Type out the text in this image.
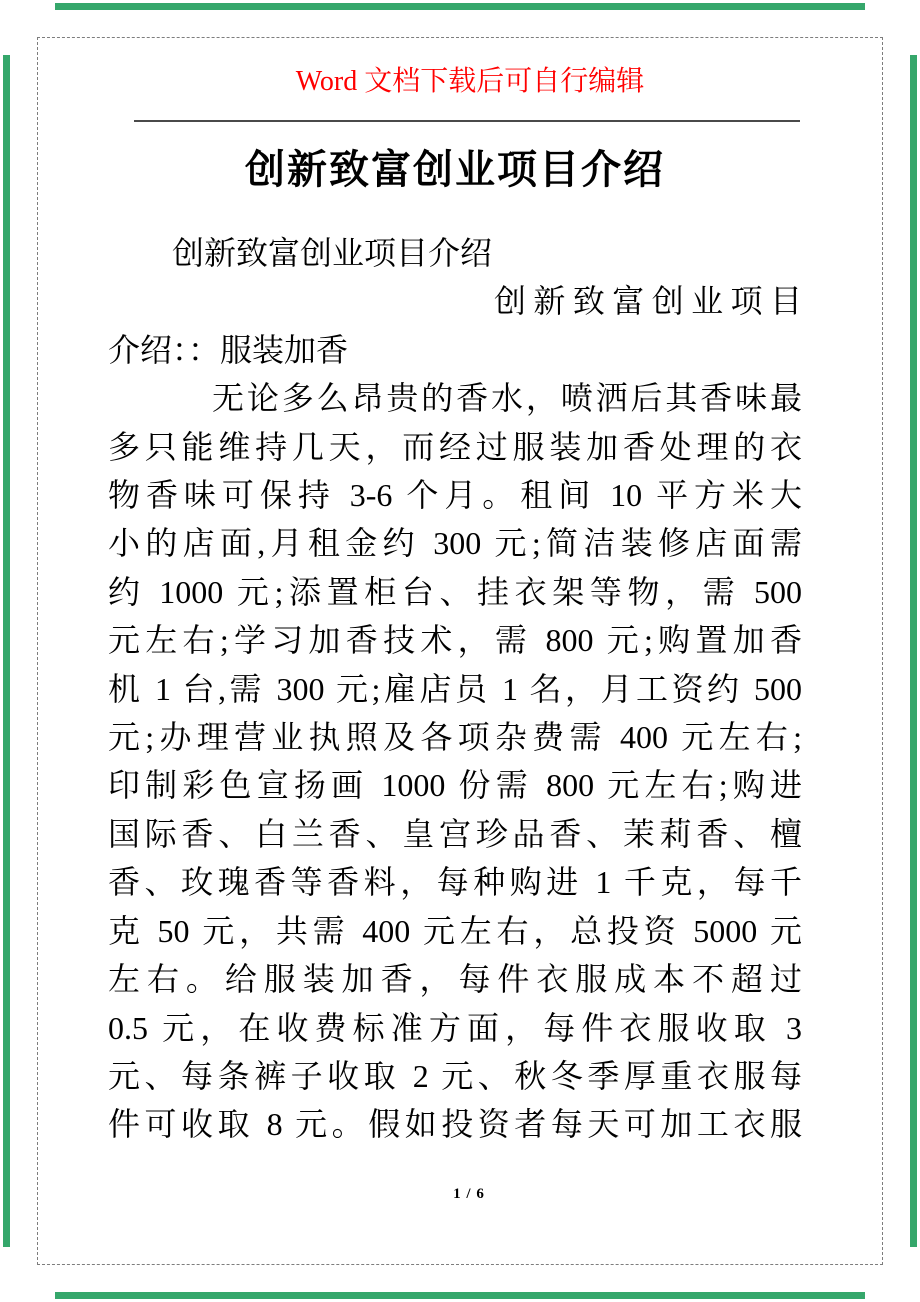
Word 文档下载后可自行编辑
创新致富创业项目介绍
创新致富创业项目介绍
创新致富创业项目
介绍：：服装加香
无论多么昂贵的香水，喷洒后其香味最
多只能维持几天，而经过服装加香处理的衣
物香味可保持 3-6 个月。租间 10 平方米大
小的店面,月租金约 300 元;简洁装修店面需
约 1000 元;添置柜台、挂衣架等物，需 500
元左右;学习加香技术，需 800 元;购置加香
机 1 台,需 300 元;雇店员 1 名，月工资约 500
元;办理营业执照及各项杂费需 400 元左右;
印制彩色宣扬画 1000 份需 800 元左右;购进
国际香、白兰香、皇宫珍品香、茉莉香、檀
香、玫瑰香等香料，每种购进 1 千克，每千
克 50 元，共需 400 元左右，总投资 5000 元
左右。给服装加香，每件衣服成本不超过
0.5 元，在收费标准方面，每件衣服收取 3
元、每条裤子收取 2 元、秋冬季厚重衣服每
件可收取 8 元。假如投资者每天可加工衣服
1 / 6
